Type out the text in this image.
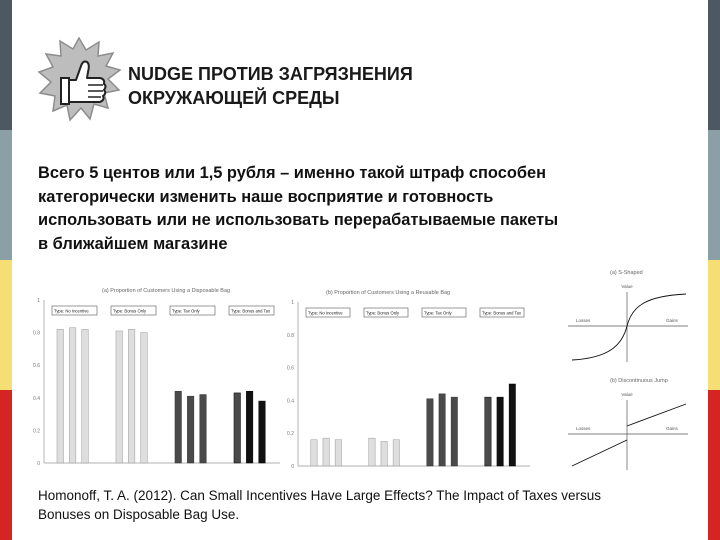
NUDGE ПРОТИВ ЗАГРЯЗНЕНИЯ
ОКРУЖАЮЩЕЙ СРЕДЫ
Всего 5 центов или 1,5 рубля – именно такой штраф способен
категорически изменить наше восприятие и готовность
использовать или не использовать перерабатываемые пакеты
в ближайшем магазине
(a) Proportion of Customers Using a Disposable Bag
0
0.2
0.4
0.6
0.8
1
Type: No Incentive	Type: Bonus Only	Type: Tax Only	Type: Bonus and Tax
(b) Proportion of Customers Using a Reusable Bag
0
0.2
0.4
0.6
0.8
1
Type: No Incentive	Type: Bonus Only	Type: Tax Only	Type: Bonus and Tax
(a) S-Shaped
Value
Losses	Gains
(b) Discontinuous Jump
Value
Losses	Gains
Homonoff, T. A. (2012). Can Small Incentives Have Large Effects? The Impact of Taxes versus
Bonuses on Disposable Bag Use.
